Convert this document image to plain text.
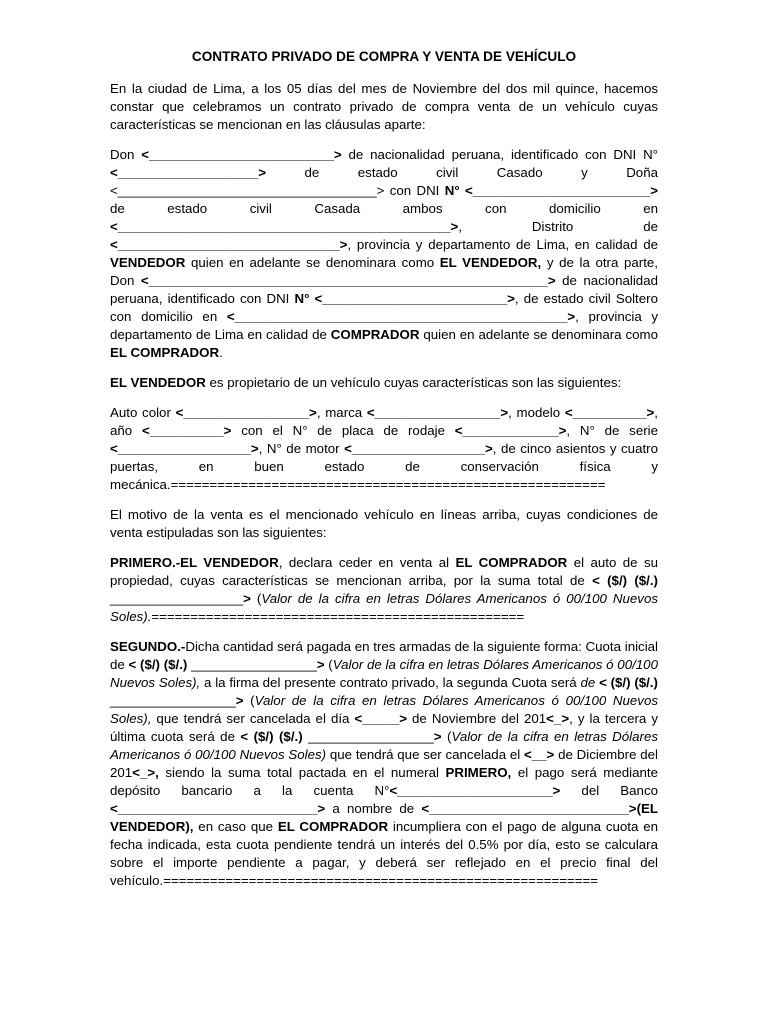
CONTRATO PRIVADO DE COMPRA Y VENTA DE VEHÍCULO

En la ciudad de Lima, a los 05 días del mes de Noviembre del dos mil quince, hacemos constar que celebramos un contrato privado de compra venta de un vehículo cuyas características se mencionan en las cláusulas aparte:

Don <_________________________> de nacionalidad peruana, identificado con DNI N° <___________________> de estado civil Casado y Doña <___________________________________> con DNI N° <________________________> de estado civil Casada ambos con domicilio en <_____________________________________________>, Distrito de <______________________________>, provincia y departamento de Lima, en calidad de VENDEDOR quien en adelante se denominara como EL VENDEDOR, y de la otra parte, Don <______________________________________________________> de nacionalidad peruana, identificado con DNI N° <_________________________>, de estado civil Soltero con domicilio en <_____________________________________________>, provincia y departamento de Lima en calidad de COMPRADOR quien en adelante se denominara como EL COMPRADOR.

EL VENDEDOR es propietario de un vehículo cuyas características son las siguientes:

Auto color <_________________>, marca <_________________>, modelo <__________>, año <__________> con el N° de placa de rodaje <_____________>, N° de serie <__________________>, N° de motor <__________________>, de cinco asientos y cuatro puertas, en buen estado de conservación física y mecánica.========================================================

El motivo de la venta es el mencionado vehículo en líneas arriba, cuyas condiciones de venta estipuladas son las siguientes:

PRIMERO.-EL VENDEDOR, declara ceder en venta al EL COMPRADOR el auto de su propiedad, cuyas características se mencionan arriba, por la suma total de < ($/) ($/.) __________________> (Valor de la cifra en letras Dólares Americanos ó 00/100 Nuevos Soles).================================================

SEGUNDO.-Dicha cantidad será pagada en tres armadas de la siguiente forma: Cuota inicial de < ($/) ($/.) _________________> (Valor de la cifra en letras Dólares Americanos ó 00/100 Nuevos Soles), a la firma del presente contrato privado, la segunda Cuota será de < ($/) ($/.) _________________> (Valor de la cifra en letras Dólares Americanos ó 00/100 Nuevos Soles), que tendrá ser cancelada el día <_____> de Noviembre del 201<_>, y la tercera y última cuota será de < ($/) ($/.) _________________> (Valor de la cifra en letras Dólares Americanos ó 00/100 Nuevos Soles) que tendrá que ser cancelada el <__> de Diciembre del 201<_>, siendo la suma total pactada en el numeral PRIMERO, el pago será mediante depósito bancario a la cuenta N°<_____________________> del Banco <___________________________> a nombre de <___________________________>(EL VENDEDOR), en caso que EL COMPRADOR incumpliera con el pago de alguna cuota en fecha indicada, esta cuota pendiente tendrá un interés del 0.5% por día, esto se calculara sobre el importe pendiente a pagar, y deberá ser reflejado en el precio final del vehículo.========================================================
